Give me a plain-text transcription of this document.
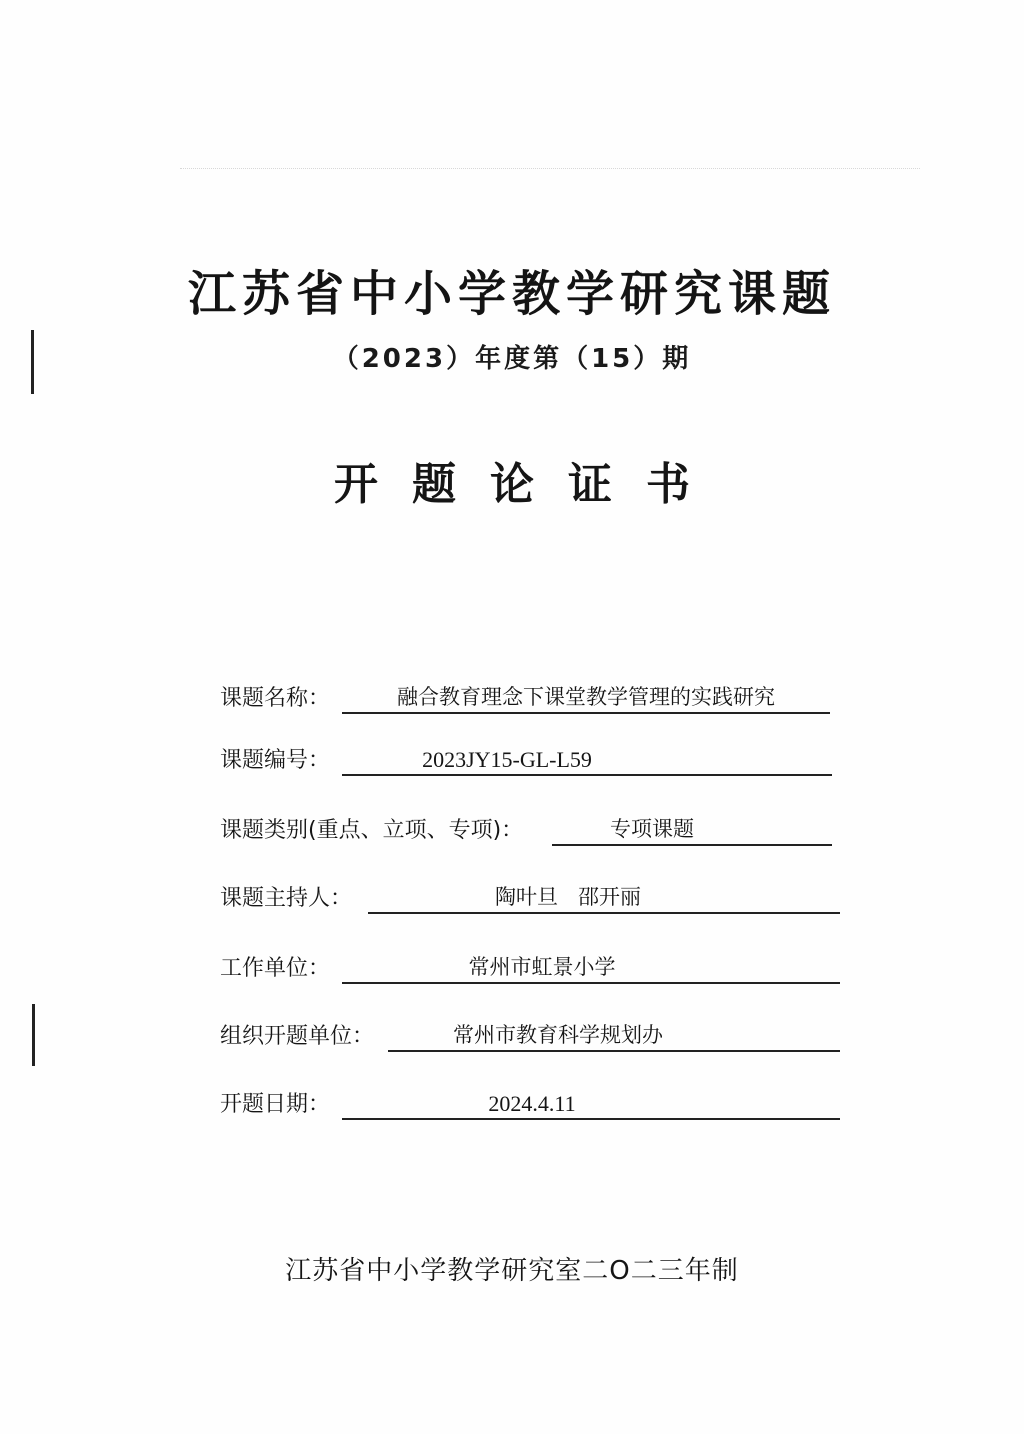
江苏省中小学教学研究课题
（2023）年度第（15）期
开题论证书
课题名称：	融合教育理念下课堂教学管理的实践研究
课题编号：	2023JY15-GL-L59
课题类别(重点、立项、专项)：	专项课题
课题主持人：	陶叶旦   邵开丽
工作单位：	常州市虹景小学
组织开题单位：	常州市教育科学规划办
开题日期：	2024.4.11
江苏省中小学教学研究室二O二三年制
